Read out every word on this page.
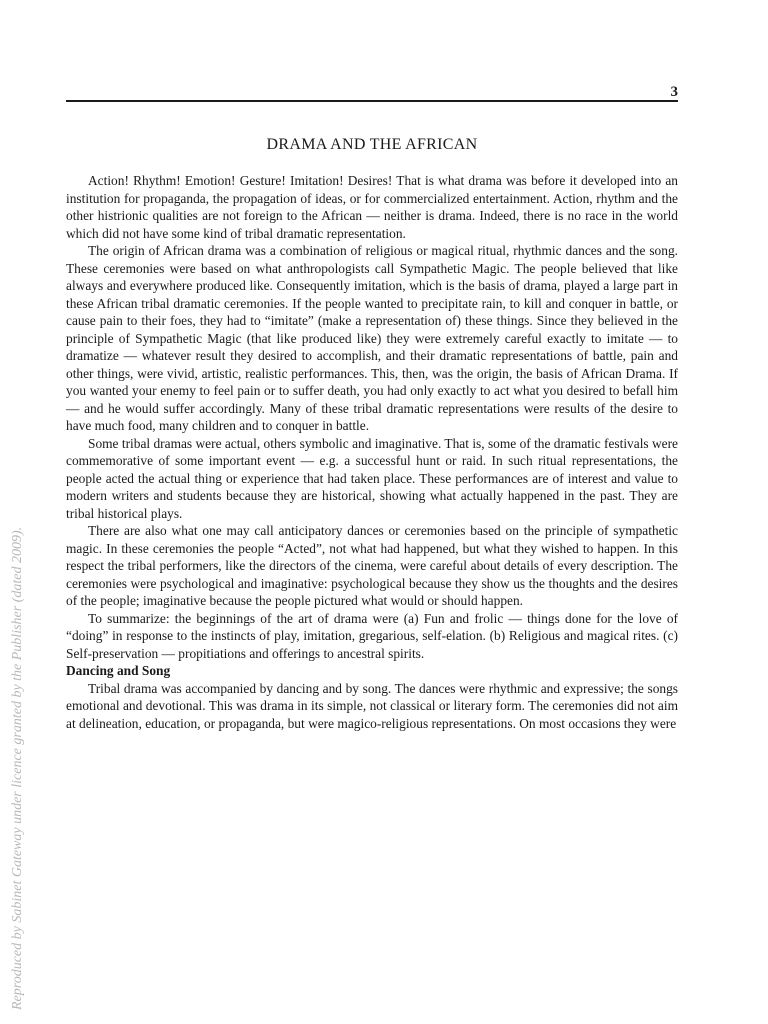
3
DRAMA AND THE AFRICAN

Action! Rhythm! Emotion! Gesture! Imitation! Desires! That is what drama was before it developed into an institution for propaganda, the propagation of ideas, or for commercialized entertainment. Action, rhythm and the other histrionic qualities are not foreign to the African — neither is drama. Indeed, there is no race in the world which did not have some kind of tribal dramatic representation.

The origin of African drama was a combination of religious or magical ritual, rhythmic dances and the song. These ceremonies were based on what anthropologists call Sympathetic Magic. The people believed that like always and everywhere produced like. Consequently imitation, which is the basis of drama, played a large part in these African tribal dramatic ceremonies. If the people wanted to precipitate rain, to kill and conquer in battle, or cause pain to their foes, they had to “imitate” (make a representation of) these things. Since they believed in the principle of Sympathetic Magic (that like produced like) they were extremely careful exactly to imitate — to dramatize — whatever result they desired to accomplish, and their dramatic representations of battle, pain and other things, were vivid, artistic, realistic performances. This, then, was the origin, the basis of African Drama. If you wanted your enemy to feel pain or to suffer death, you had only exactly to act what you desired to befall him — and he would suffer accordingly. Many of these tribal dramatic representations were results of the desire to have much food, many children and to conquer in battle.

Some tribal dramas were actual, others symbolic and imaginative. That is, some of the dramatic festivals were commemorative of some important event — e.g. a successful hunt or raid. In such ritual representations, the people acted the actual thing or experience that had taken place. These performances are of interest and value to modern writers and students because they are historical, showing what actually happened in the past. They are tribal historical plays.

There are also what one may call anticipatory dances or ceremonies based on the principle of sympathetic magic. In these ceremonies the people “Acted”, not what had happened, but what they wished to happen. In this respect the tribal performers, like the directors of the cinema, were careful about details of every description. The ceremonies were psychological and imaginative: psychological because they show us the thoughts and the desires of the people; imaginative because the people pictured what would or should happen.

To summarize: the beginnings of the art of drama were (a) Fun and frolic — things done for the love of “doing” in response to the instincts of play, imitation, gregarious, self-elation. (b) Religious and magical rites. (c) Self-preservation — propitiations and offerings to ancestral spirits.

Dancing and Song

Tribal drama was accompanied by dancing and by song. The dances were rhythmic and expressive; the songs emotional and devotional. This was drama in its simple, not classical or literary form. The ceremonies did not aim at delineation, education, or propaganda, but were magico-religious representations. On most occasions they were

Reproduced by Sabinet Gateway under licence granted by the Publisher (dated 2009).
